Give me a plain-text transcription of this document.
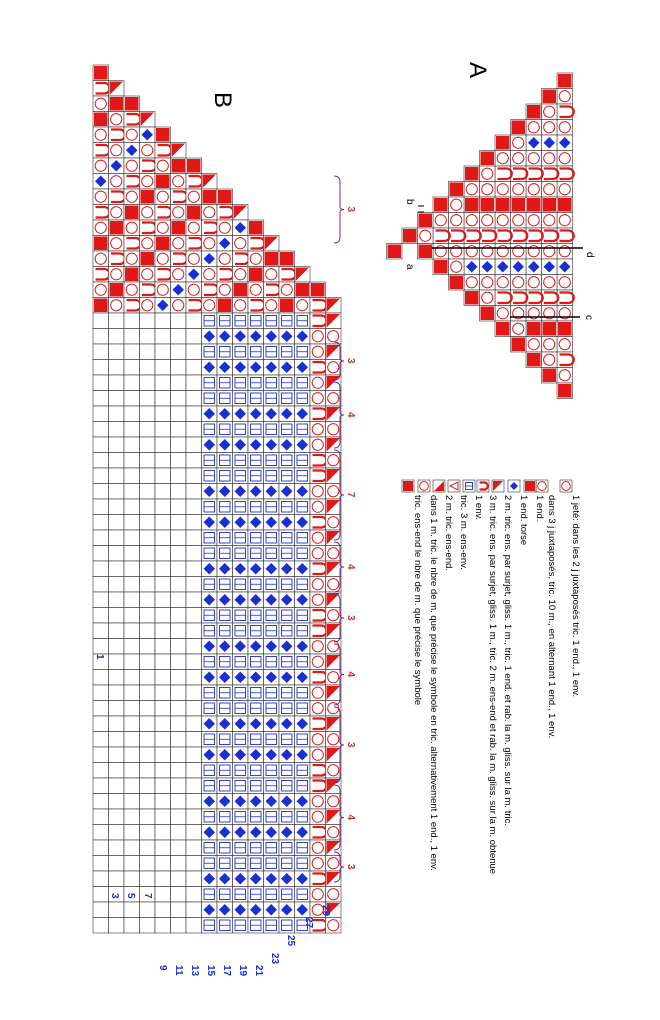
A
d
c
b
a
1 jeté: dans les 2 j juxtaposés tric. 1 end., 1 env.
dans 3 j juxtaposés, tric. 10 m., en alternant 1 end., 1 env.
1 end.
1 end. torse
2 m. tric. ens. par surjet, gliss. 1 m., tric. 1 end. et rab. la m. gliss. sur la m. tric.
3 m. tric. ens. par surjet, gliss. 1 m., tric. 2 m. ens-end et rab. la m. gliss. sur la m. obtenue
1 env.
tric. 3 m. ens-env.
2 m. tric. ens-end.
dans 1 m. tric. le nbre de m. que précise le symbole en tric. alternativement 1 end., 1 env.
tric. ens-end le nbre de m. que précise le symbole
B
1
3 5 7
9 11 13 15 17 19 21
23
25
27
29
3
3
4
7
4
3
4
3
4
3
